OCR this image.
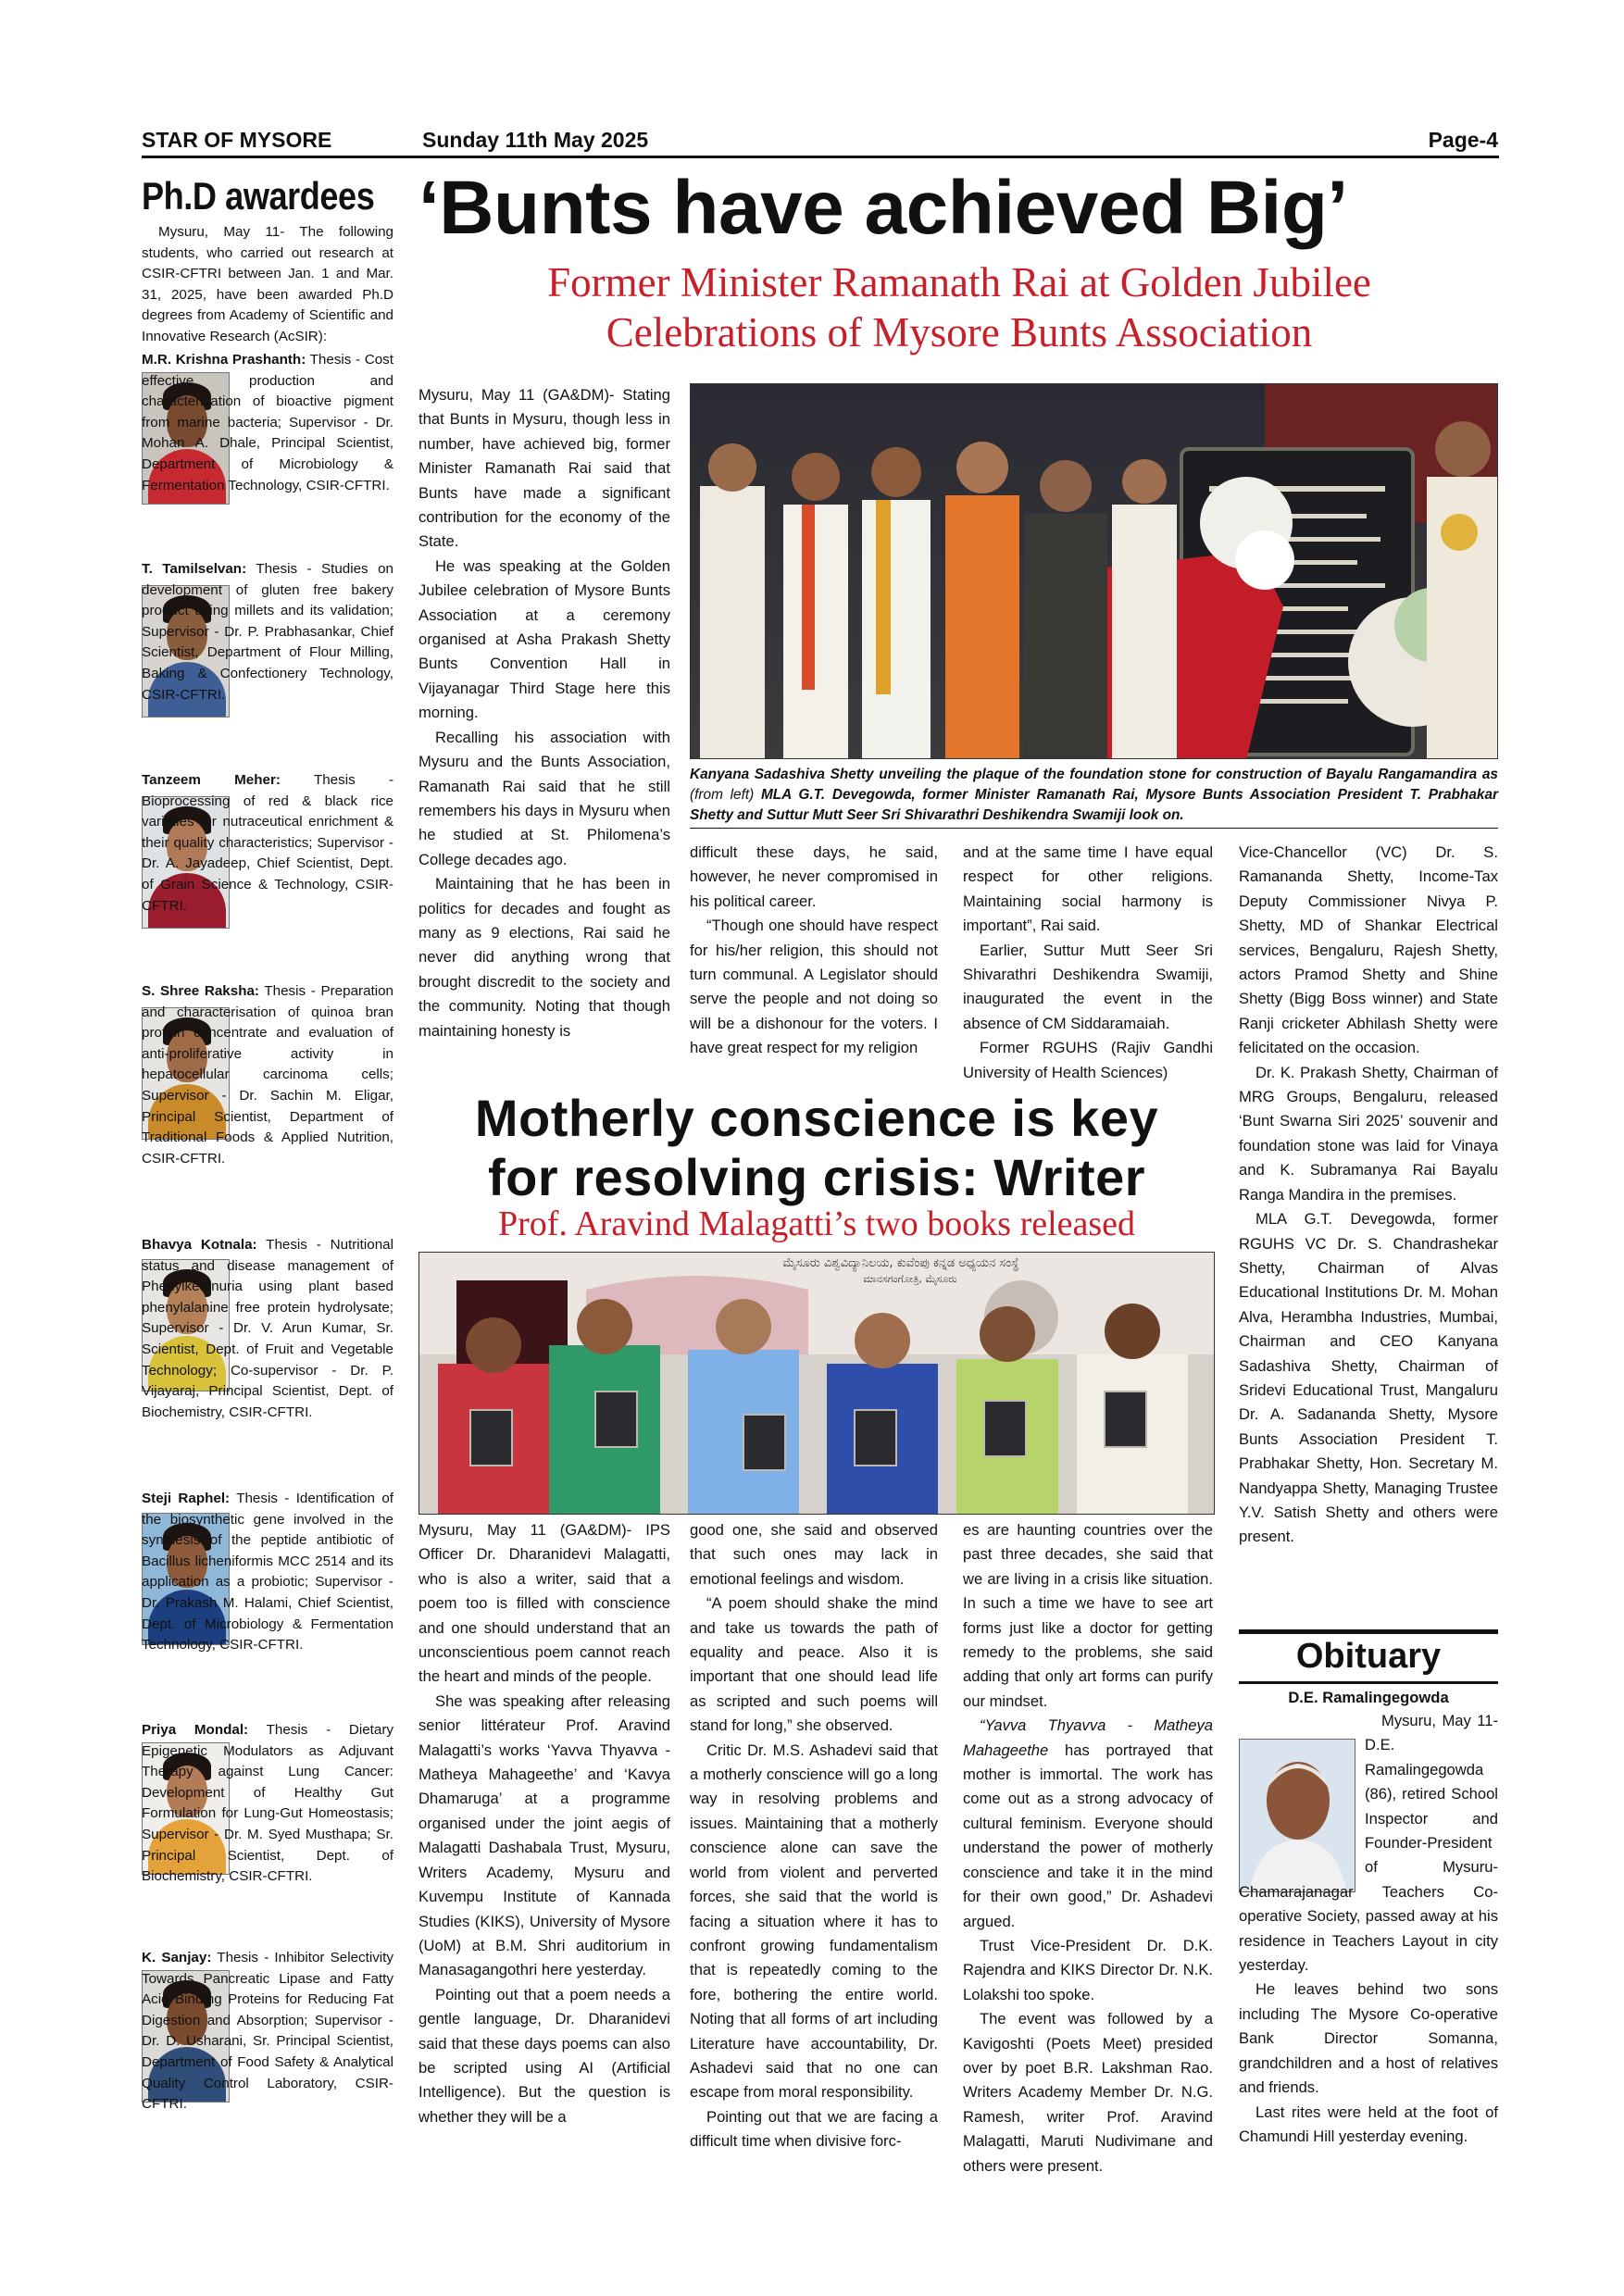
STAR OF MYSORE	Sunday 11th May 2025	Page-4
Ph.D awardees

Mysuru, May 11- The following students, who carried out research at CSIR-CFTRI between Jan. 1 and Mar. 31, 2025, have been awarded Ph.D degrees from Academy of Scientific and Innovative Research (AcSIR):

M.R. Krishna Prashanth: Thesis - Cost effective production and characterisation of bioactive pigment from marine bacteria; Supervisor - Dr. Mohan A. Dhale, Principal Scientist, Department of Microbiology & Fermentation Technology, CSIR-CFTRI.
T. Tamilselvan: Thesis - Studies on development of gluten free bakery product using millets and its validation; Supervisor - Dr. P. Prabhasankar, Chief Scientist, Department of Flour Milling, Baking & Confectionery Technology, CSIR-CFTRI.
Tanzeem Meher: Thesis - Bioprocessing of red & black rice varieties for nutraceutical enrichment & their quality characteristics; Supervisor - Dr. A. Jayadeep, Chief Scientist, Dept. of Grain Science & Technology, CSIR-CFTRI.
S. Shree Raksha: Thesis - Preparation and characterisation of quinoa bran protein concentrate and evaluation of anti-proliferative activity in hepatocellular carcinoma cells; Supervisor - Dr. Sachin M. Eligar, Principal Scientist, Department of Traditional Foods & Applied Nutrition, CSIR-CFTRI.
Bhavya Kotnala: Thesis - Nutritional status and disease management of Phenylketonuria using plant based phenylalanine free protein hydrolysate; Supervisor - Dr. V. Arun Kumar, Sr. Scientist, Dept. of Fruit and Vegetable Technology; Co-supervisor - Dr. P. Vijayaraj, Principal Scientist, Dept. of Biochemistry, CSIR-CFTRI.
Steji Raphel: Thesis - Identification of the biosynthetic gene involved in the synthesis of the peptide antibiotic of Bacillus licheniformis MCC 2514 and its application as a probiotic; Supervisor - Dr. Prakash M. Halami, Chief Scientist, Dept. of Microbiology & Fermentation Technology, CSIR-CFTRI.
Priya Mondal: Thesis - Dietary Epigenetic Modulators as Adjuvant Therapy against Lung Cancer: Development of Healthy Gut Formulation for Lung-Gut Homeostasis; Supervisor - Dr. M. Syed Musthapa; Sr. Principal Scientist, Dept. of Biochemistry, CSIR-CFTRI.
K. Sanjay: Thesis - Inhibitor Selectivity Towards Pancreatic Lipase and Fatty Acid Binding Proteins for Reducing Fat Digestion and Absorption; Supervisor - Dr. D. Usharani, Sr. Principal Scientist, Department of Food Safety & Analytical Quality Control Laboratory, CSIR-CFTRI.
‘Bunts have achieved Big’
Former Minister Ramanath Rai at Golden Jubilee
Celebrations of Mysore Bunts Association
Kanyana Sadashiva Shetty unveiling the plaque of the foundation stone for construction of Bayalu Rangamandira as (from left) MLA G.T. Devegowda, former Minister Ramanath Rai, Mysore Bunts Association President T. Prabhakar Shetty and Suttur Mutt Seer Sri Shivarathri Deshikendra Swamiji look on.

Mysuru, May 11 (GA&DM)- Stating that Bunts in Mysuru, though less in number, have achieved big, former Minister Ramanath Rai said that Bunts have made a significant contribution for the economy of the State.

He was speaking at the Golden Jubilee celebration of Mysore Bunts Association at a ceremony organised at Asha Prakash Shetty Bunts Convention Hall in Vijayanagar Third Stage here this morning.

Recalling his association with Mysuru and the Bunts Association, Ramanath Rai said that he still remembers his days in Mysuru when he studied at St. Philomena’s College decades ago.

Maintaining that he has been in politics for decades and fought as many as 9 elections, Rai said he never did anything wrong that brought discredit to the society and the community. Noting that though maintaining honesty is

difficult these days, he said, however, he never compromised in his political career.

“Though one should have respect for his/her religion, this should not turn communal. A Legislator should serve the people and not doing so will be a dishonour for the voters. I have great respect for my religion

and at the same time I have equal respect for other religions. Maintaining social harmony is important”, Rai said.

Earlier, Suttur Mutt Seer Sri Shivarathri Deshikendra Swamiji, inaugurated the event in the absence of CM Siddaramaiah.

Former RGUHS (Rajiv Gandhi University of Health Sciences)

Vice-Chancellor (VC) Dr. S. Ramananda Shetty, Income-Tax Deputy Commissioner Nivya P. Shetty, MD of Shankar Electrical services, Bengaluru, Rajesh Shetty, actors Pramod Shetty and Shine Shetty (Bigg Boss winner) and State Ranji cricketer Abhilash Shetty were felicitated on the occasion.

Dr. K. Prakash Shetty, Chairman of MRG Groups, Bengaluru, released ‘Bunt Swarna Siri 2025’ souvenir and foundation stone was laid for Vinaya and K. Subramanya Rai Bayalu Ranga Mandira in the premises.

MLA G.T. Devegowda, former RGUHS VC Dr. S. Chandrashekar Shetty, Chairman of Alvas Educational Institutions Dr. M. Mohan Alva, Herambha Industries, Mumbai, Chairman and CEO Kanyana Sadashiva Shetty, Chairman of Sridevi Educational Trust, Mangaluru Dr. A. Sadananda Shetty, Mysore Bunts Association President T. Prabhakar Shetty, Hon. Secretary M. Nandyappa Shetty, Managing Trustee Y.V. Satish Shetty and others were present.

Motherly conscience is key
for resolving crisis: Writer
Prof. Aravind Malagatti’s two books released
ಮೈಸೂರು ವಿಶ್ವವಿದ್ಯಾನಿಲಯ, ಕುವೆಂಪು ಕನ್ನಡ ಅಧ್ಯಯನ ಸಂಸ್ಥೆ
ಮಾನಸಗಂಗೋತ್ರಿ, ಮೈಸೂರು

Mysuru, May 11 (GA&DM)- IPS Officer Dr. Dharanidevi Malagatti, who is also a writer, said that a poem too is filled with conscience and one should understand that an unconscientious poem cannot reach the heart and minds of the people.

She was speaking after releasing senior littérateur Prof. Aravind Malagatti’s works ‘Yavva Thyavva - Matheya Mahageethe’ and ‘Kavya Dhamaruga’ at a programme organised under the joint aegis of Malagatti Dashabala Trust, Mysuru, Writers Academy, Mysuru and Kuvempu Institute of Kannada Studies (KIKS), University of Mysore (UoM) at B.M. Shri auditorium in Manasagangothri here yesterday.

Pointing out that a poem needs a gentle language, Dr. Dharanidevi said that these days poems can also be scripted using AI (Artificial Intelligence). But the question is whether they will be a

good one, she said and observed that such ones may lack in emotional feelings and wisdom.

“A poem should shake the mind and take us towards the path of equality and peace. Also it is important that one should lead life as scripted and such poems will stand for long,” she observed.

Critic Dr. M.S. Ashadevi said that a motherly conscience will go a long way in resolving problems and issues. Maintaining that a motherly conscience alone can save the world from violent and perverted forces, she said that the world is facing a situation where it has to confront growing fundamentalism that is repeatedly coming to the fore, bothering the entire world. Noting that all forms of art including Literature have accountability, Dr. Ashadevi said that no one can escape from moral responsibility.

Pointing out that we are facing a difficult time when divisive forc-

es are haunting countries over the past three decades, she said that we are living in a crisis like situation. In such a time we have to see art forms just like a doctor for getting remedy to the problems, she said adding that only art forms can purify our mindset.

“Yavva Thyavva - Matheya Mahageethe has portrayed that mother is immortal. The work has come out as a strong advocacy of cultural feminism. Everyone should understand the power of motherly conscience and take it in the mind for their own good,” Dr. Ashadevi argued.

Trust Vice-President Dr. D.K. Rajendra and KIKS Director Dr. N.K. Lolakshi too spoke.

The event was followed by a Kavigoshti (Poets Meet) presided over by poet B.R. Lakshman Rao. Writers Academy Member Dr. N.G. Ramesh, writer Prof. Aravind Malagatti, Maruti Nudivimane and others were present.

Obituary
D.E. Ramalingegowda

Mysuru, May 11- D.E. Ramalingegowda (86), retired School Inspector and Founder-President of Mysuru-Chamarajanagar Teachers Co-operative Society, passed away at his residence in Teachers Layout in city yesterday.

He leaves behind two sons including The Mysore Co-operative Bank Director Somanna, grandchildren and a host of relatives and friends.

Last rites were held at the foot of Chamundi Hill yesterday evening.
